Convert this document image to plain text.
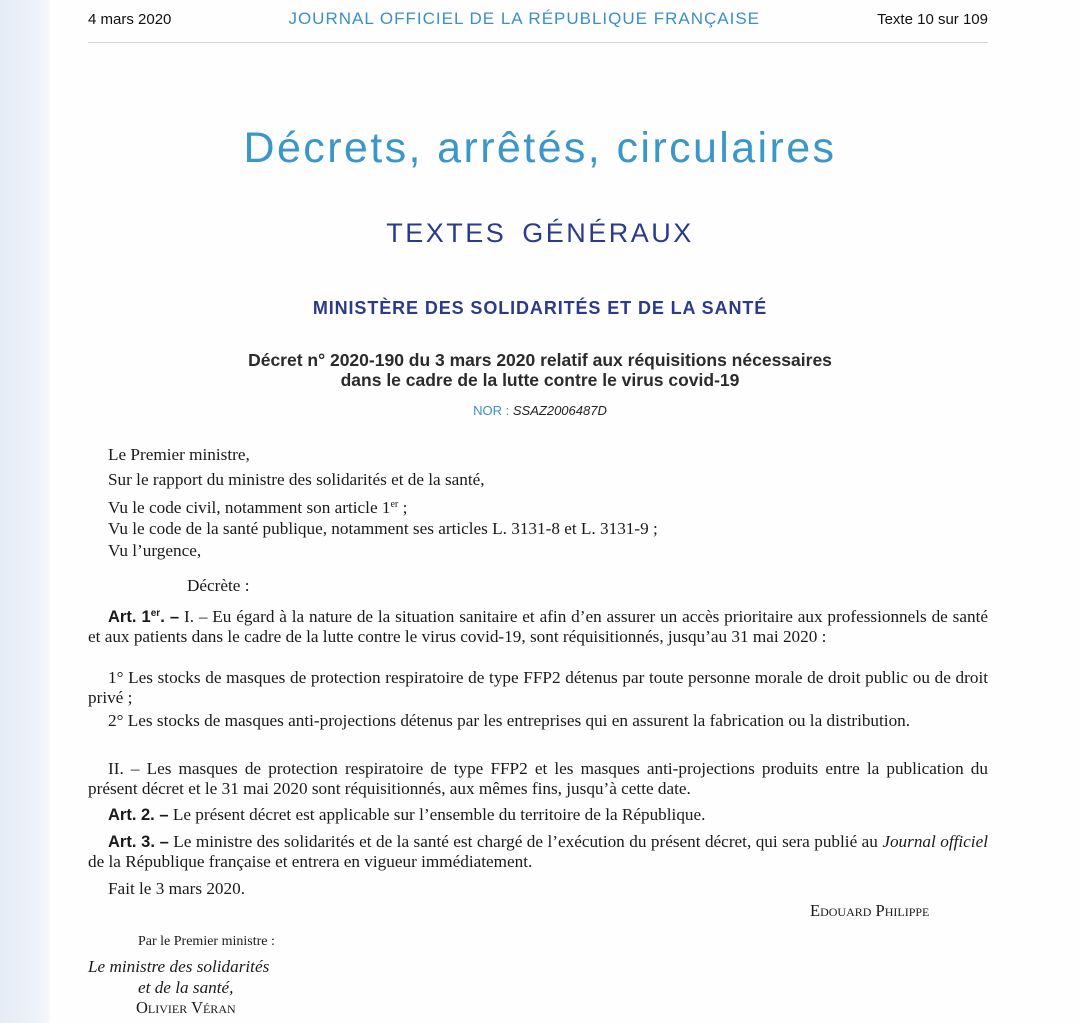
4 mars 2020	JOURNAL OFFICIEL DE LA RÉPUBLIQUE FRANÇAISE	Texte 10 sur 109
Décrets, arrêtés, circulaires
TEXTES GÉNÉRAUX
MINISTÈRE DES SOLIDARITÉS ET DE LA SANTÉ
Décret n° 2020-190 du 3 mars 2020 relatif aux réquisitions nécessaires
dans le cadre de la lutte contre le virus covid-19
NOR : SSAZ2006487D
Le Premier ministre,
Sur le rapport du ministre des solidarités et de la santé,
Vu le code civil, notamment son article 1er ;
Vu le code de la santé publique, notamment ses articles L. 3131-8 et L. 3131-9 ;
Vu l’urgence,
Décrète :
Art. 1er. – I. – Eu égard à la nature de la situation sanitaire et afin d’en assurer un accès prioritaire aux professionnels de santé et aux patients dans le cadre de la lutte contre le virus covid-19, sont réquisitionnés, jusqu’au 31 mai 2020 :
1° Les stocks de masques de protection respiratoire de type FFP2 détenus par toute personne morale de droit public ou de droit privé ;
2° Les stocks de masques anti-projections détenus par les entreprises qui en assurent la fabrication ou la distribution.
II. – Les masques de protection respiratoire de type FFP2 et les masques anti-projections produits entre la publication du présent décret et le 31 mai 2020 sont réquisitionnés, aux mêmes fins, jusqu’à cette date.
Art. 2. – Le présent décret est applicable sur l’ensemble du territoire de la République.
Art. 3. – Le ministre des solidarités et de la santé est chargé de l’exécution du présent décret, qui sera publié au Journal officiel de la République française et entrera en vigueur immédiatement.
Fait le 3 mars 2020.
Edouard Philippe
Par le Premier ministre :
Le ministre des solidarités
et de la santé,
Olivier Véran
